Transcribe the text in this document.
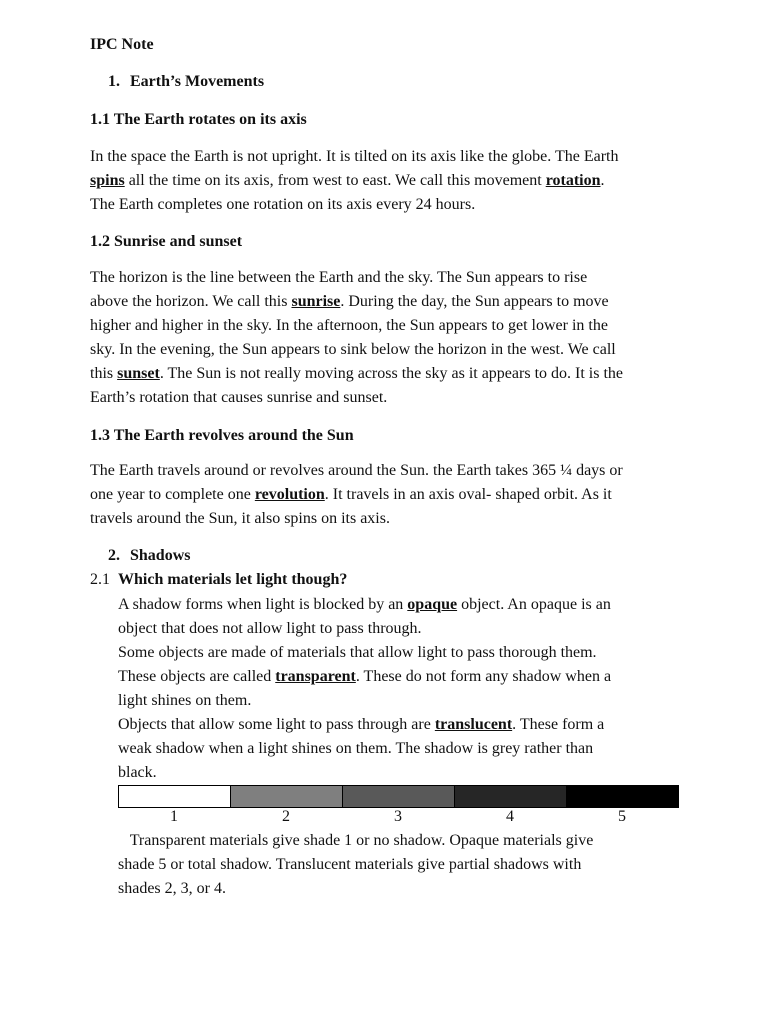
IPC Note
1. Earth’s Movements
1.1 The Earth rotates on its axis
In the space the Earth is not upright. It is tilted on its axis like the globe. The Earth
spins all the time on its axis, from west to east. We call this movement rotation.
The Earth completes one rotation on its axis every 24 hours.
1.2 Sunrise and sunset
The horizon is the line between the Earth and the sky. The Sun appears to rise
above the horizon. We call this sunrise. During the day, the Sun appears to move
higher and higher in the sky. In the afternoon, the Sun appears to get lower in the
sky. In the evening, the Sun appears to sink below the horizon in the west. We call
this sunset. The Sun is not really moving across the sky as it appears to do. It is the
Earth’s rotation that causes sunrise and sunset.
1.3 The Earth revolves around the Sun
The Earth travels around or revolves around the Sun. the Earth takes 365 ¼ days or
one year to complete one revolution. It travels in an axis oval- shaped orbit. As it
travels around the Sun, it also spins on its axis.
2. Shadows
2.1 Which materials let light though?
A shadow forms when light is blocked by an opaque object. An opaque is an
object that does not allow light to pass through.
Some objects are made of materials that allow light to pass thorough them.
These objects are called transparent. These do not form any shadow when a
light shines on them.
Objects that allow some light to pass through are translucent. These form a
weak shadow when a light shines on them. The shadow is grey rather than
black.
1	2	3	4	5
Transparent materials give shade 1 or no shadow. Opaque materials give
shade 5 or total shadow. Translucent materials give partial shadows with
shades 2, 3, or 4.
